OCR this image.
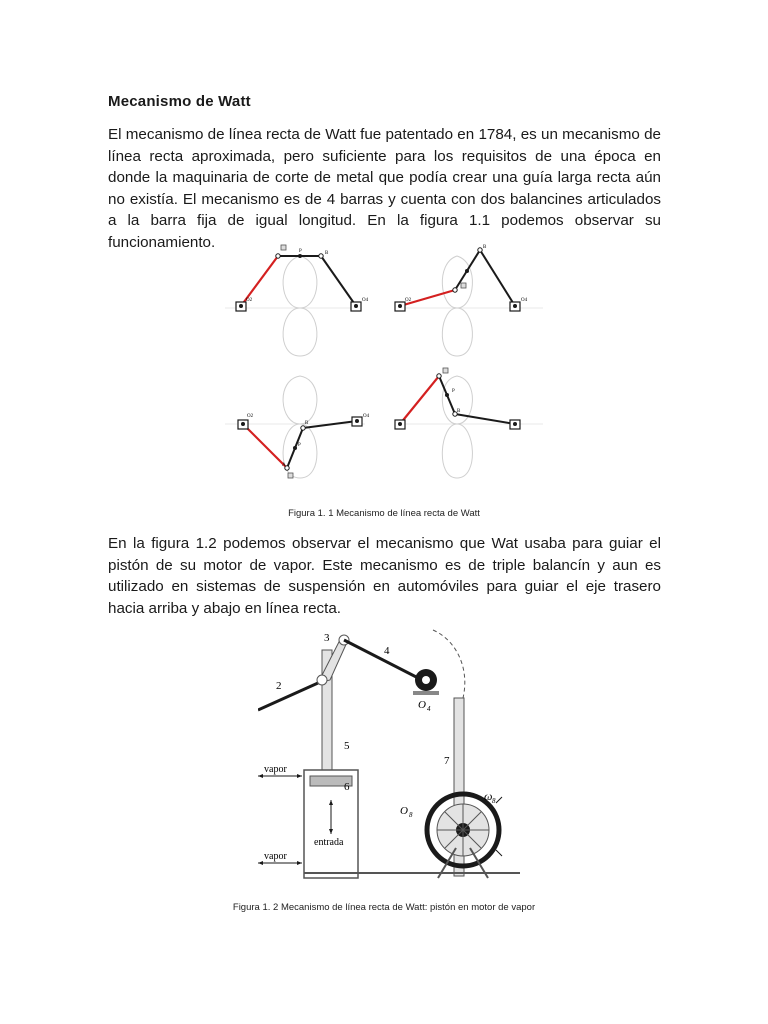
Mecanismo de Watt
El mecanismo de línea recta de Watt fue patentado en 1784, es un mecanismo de línea recta aproximada, pero suficiente para los requisitos de una época en donde la maquinaria de corte de metal que podía crear una guía larga recta aún no existía. El mecanismo es de 4 barras y cuenta con dos balancines articulados a la barra fija de igual longitud. En la figura 1.1 podemos observar su funcionamiento.
O2	O4
B
P
O2	O4
B
O2	O4
B
P
A
P
B
Figura 1. 1 Mecanismo de línea recta de Watt
En la figura 1.2 podemos observar el mecanismo que Wat usaba para guiar el pistón de su motor de vapor. Este mecanismo es de triple balancín y aun es utilizado en sistemas de suspensión en automóviles para guiar el eje trasero hacia arriba y abajo en línea recta.
2
3
4
5
6
7
O 4
O 8
ω 8
vapor
vapor
entrada
Figura 1. 2 Mecanismo de línea recta de Watt: pistón en motor de vapor
